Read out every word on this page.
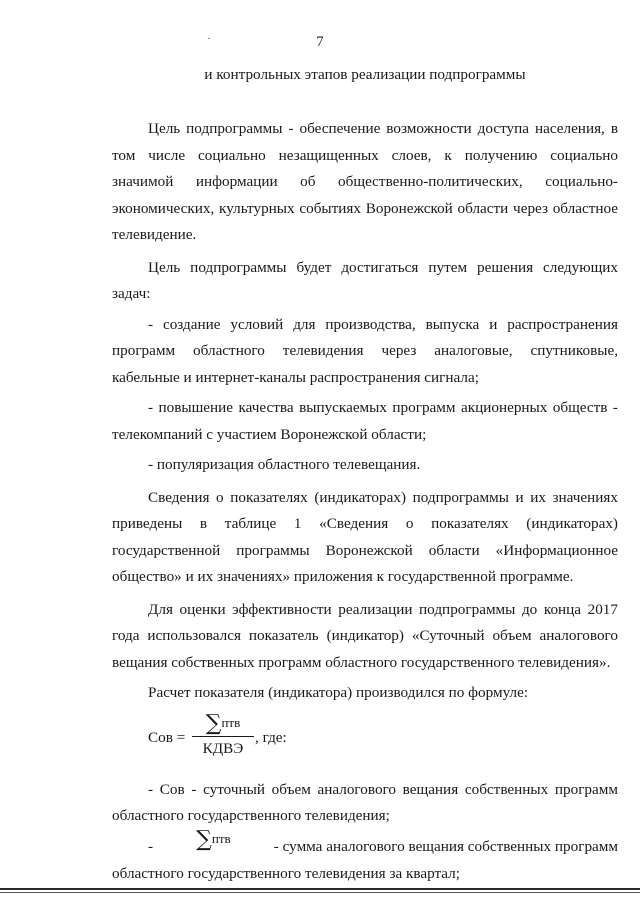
7
и контрольных этапов реализации подпрограммы

Цель подпрограммы - обеспечение возможности доступа населения, в том числе социально незащищенных слоев, к получению социально значимой информации об общественно-политических, социально-экономических, культурных событиях Воронежской области через областное телевидение.

Цель подпрограммы будет достигаться путем решения следующих задач:

- создание условий для производства, выпуска и распространения программ областного телевидения через аналоговые, спутниковые, кабельные и интернет-каналы распространения сигнала;

- повышение качества выпускаемых программ акционерных обществ - телекомпаний с участием Воронежской области;

- популяризация областного телевещания.

Сведения о показателях (индикаторах) подпрограммы и их значениях приведены в таблице 1 «Сведения о показателях (индикаторах) государственной программы Воронежской области «Информационное общество» и их значениях» приложения к государственной программе.

Для оценки эффективности реализации подпрограммы до конца 2017 года использовался показатель (индикатор) «Суточный объем аналогового вещания собственных программ областного государственного телевидения».

Расчет показателя (индикатора) производился по формуле:

Сов =
∑птв
КДВЭ
, где:

- Сов - суточный объем аналогового вещания собственных программ областного государственного телевидения;

- ∑птв	- сумма аналогового вещания собственных программ

областного государственного телевидения за квартал;
